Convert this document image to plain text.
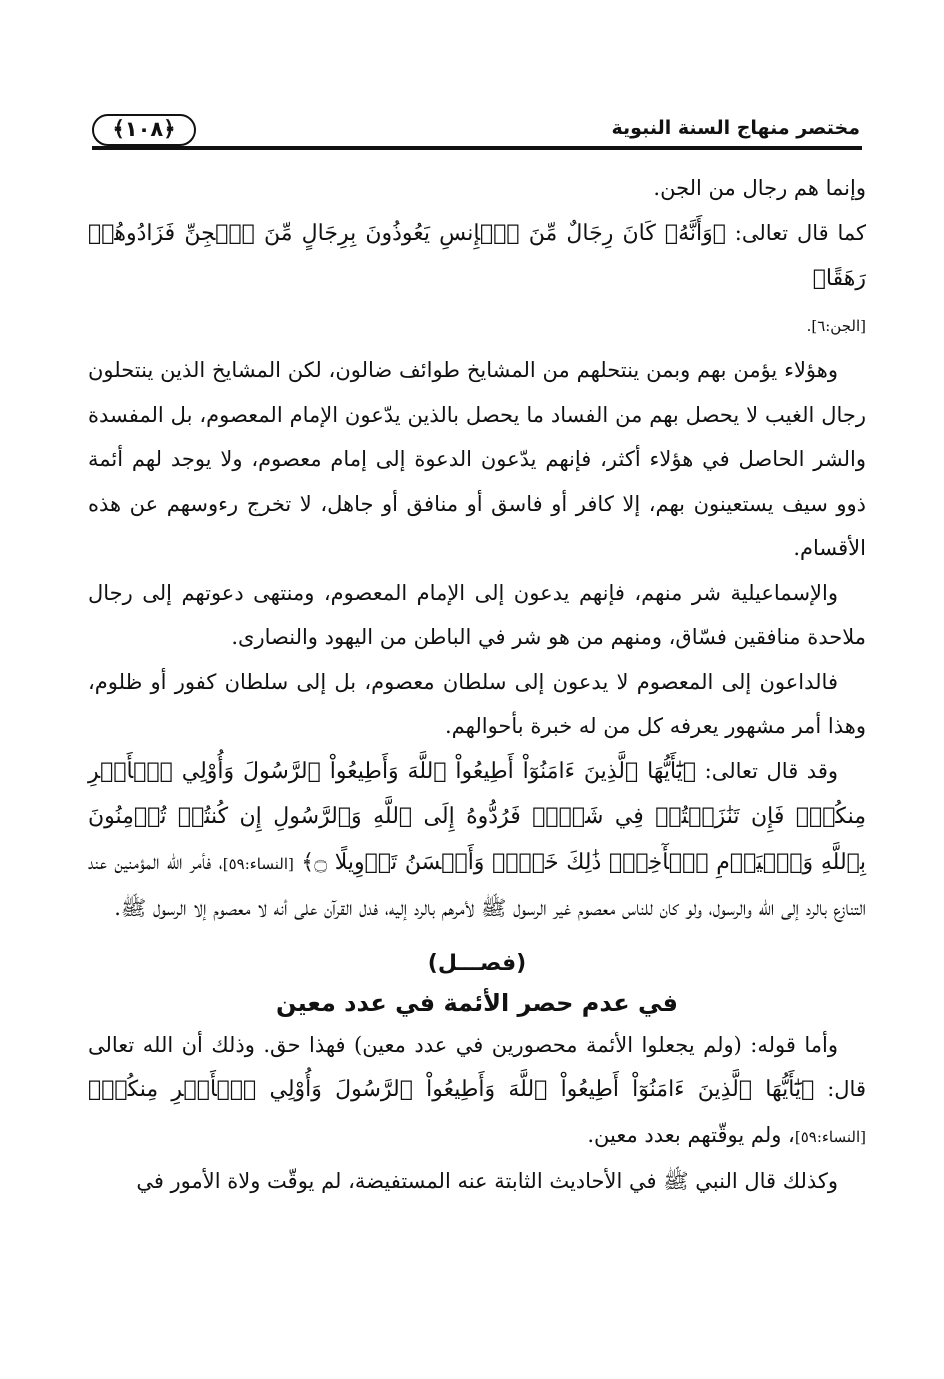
﴿١٠٨﴾	مختصر منهاج السنة النبوية

وإنما هم رجال من الجن.

كما قال تعالى: ﴿وَأَنَّهُۥ كَانَ رِجَالٌ مِّنَ ٱلۡإِنسِ يَعُوذُونَ بِرِجَالٍ مِّنَ ٱلۡجِنِّ فَزَادُوهُمۡ رَهَقًا﴾

[الجن:٦].

وهؤلاء يؤمن بهم وبمن ينتحلهم من المشايخ طوائف ضالون، لكن المشايخ الذين ينتحلون رجال الغيب لا يحصل بهم من الفساد ما يحصل بالذين يدّعون الإمام المعصوم، بل المفسدة والشر الحاصل في هؤلاء أكثر، فإنهم يدّعون الدعوة إلى إمام معصوم، ولا يوجد لهم أئمة ذوو سيف يستعينون بهم، إلا كافر أو فاسق أو منافق أو جاهل، لا تخرج رءوسهم عن هذه الأقسام.

والإسماعيلية شر منهم، فإنهم يدعون إلى الإمام المعصوم، ومنتهى دعوتهم إلى رجال ملاحدة منافقين فسّاق، ومنهم من هو شر في الباطن من اليهود والنصارى.

فالداعون إلى المعصوم لا يدعون إلى سلطان معصوم، بل إلى سلطان كفور أو ظلوم، وهذا أمر مشهور يعرفه كل من له خبرة بأحوالهم.

وقد قال تعالى: ﴿يَٰٓأَيُّهَا ٱلَّذِينَ ءَامَنُوٓاْ أَطِيعُواْ ٱللَّهَ وَأَطِيعُواْ ٱلرَّسُولَ وَأُوْلِي ٱلۡأَمۡرِ مِنكُمۡۖ فَإِن تَنَٰزَعۡتُمۡ فِي شَيۡءٖ فَرُدُّوهُ إِلَى ٱللَّهِ وَٱلرَّسُولِ إِن كُنتُمۡ تُؤۡمِنُونَ بِٱللَّهِ وَٱلۡيَوۡمِ ٱلۡأٓخِرِۚ ذَٰلِكَ خَيۡرٞ وَأَحۡسَنُ تَأۡوِيلًا ۝﴾ [النساء:٥٩]، فأمر الله المؤمنين عند التنازع بالرد إلى الله والرسول، ولو كان للناس معصوم غير الرسول ﷺ لأمرهم بالرد إليه، فدل القرآن على أنه لا معصوم إلا الرسول ﷺ.

(فصـــل)
في عدم حصر الأئمة في عدد معين

وأما قوله: (ولم يجعلوا الأئمة محصورين في عدد معين) فهذا حق. وذلك أن الله تعالى قال: ﴿يَٰٓأَيُّهَا ٱلَّذِينَ ءَامَنُوٓاْ أَطِيعُواْ ٱللَّهَ وَأَطِيعُواْ ٱلرَّسُولَ وَأُوْلِي ٱلۡأَمۡرِ مِنكُمۡ﴾ [النساء:٥٩]، ولم يوقّتهم بعدد معين.

وكذلك قال النبي ﷺ في الأحاديث الثابتة عنه المستفيضة، لم يوقّت ولاة الأمور في
